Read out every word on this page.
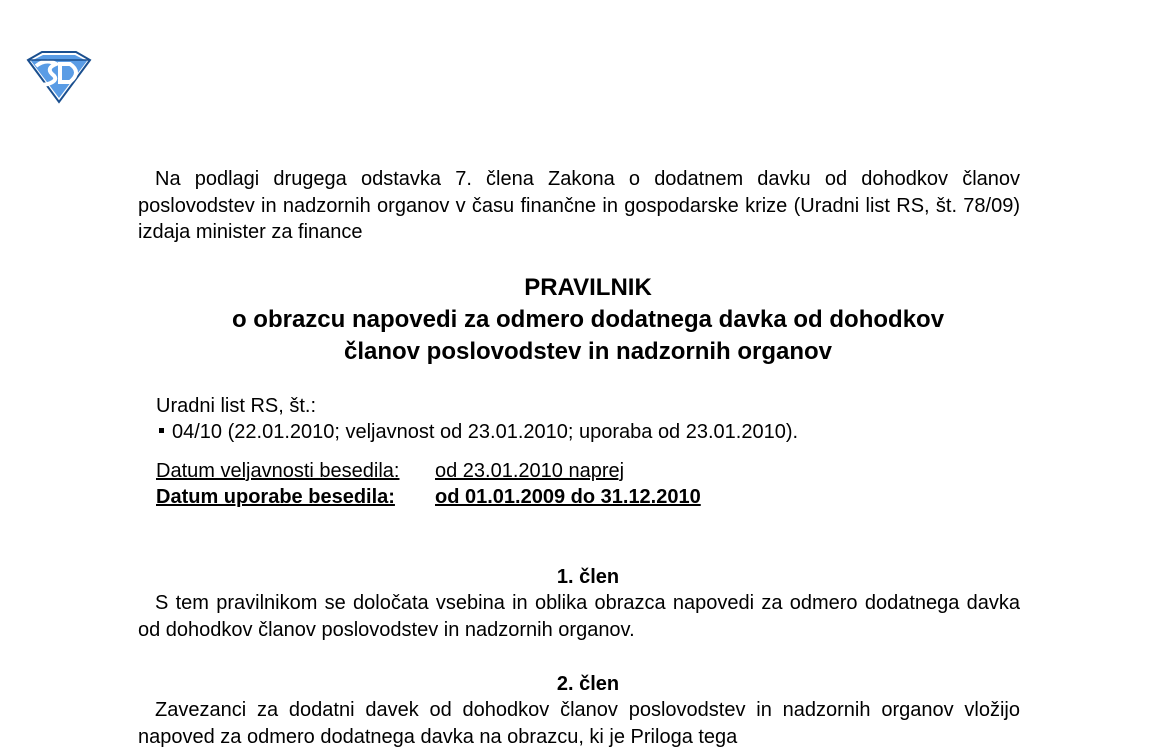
Na podlagi drugega odstavka 7. člena Zakona o dodatnem davku od dohodkov članov poslovodstev in nadzornih organov v času finančne in gospodarske krize (Uradni list RS, št. 78/09) izdaja minister za finance

PRAVILNIK
o obrazcu napovedi za odmero dodatnega davka od dohodkov
članov poslovodstev in nadzornih organov
Uradni list RS, št.:
04/10 (22.01.2010; veljavnost od 23.01.2010; uporaba od 23.01.2010).
Datum veljavnosti besedila:	od 23.01.2010 naprej
Datum uporabe besedila:	od 01.01.2009 do 31.12.2010
1. člen

S tem pravilnikom se določata vsebina in oblika obrazca napovedi za odmero dodatnega davka od dohodkov članov poslovodstev in nadzornih organov.

2. člen

Zavezanci za dodatni davek od dohodkov članov poslovodstev in nadzornih organov vložijo napoved za odmero dodatnega davka na obrazcu, ki je Priloga tega
